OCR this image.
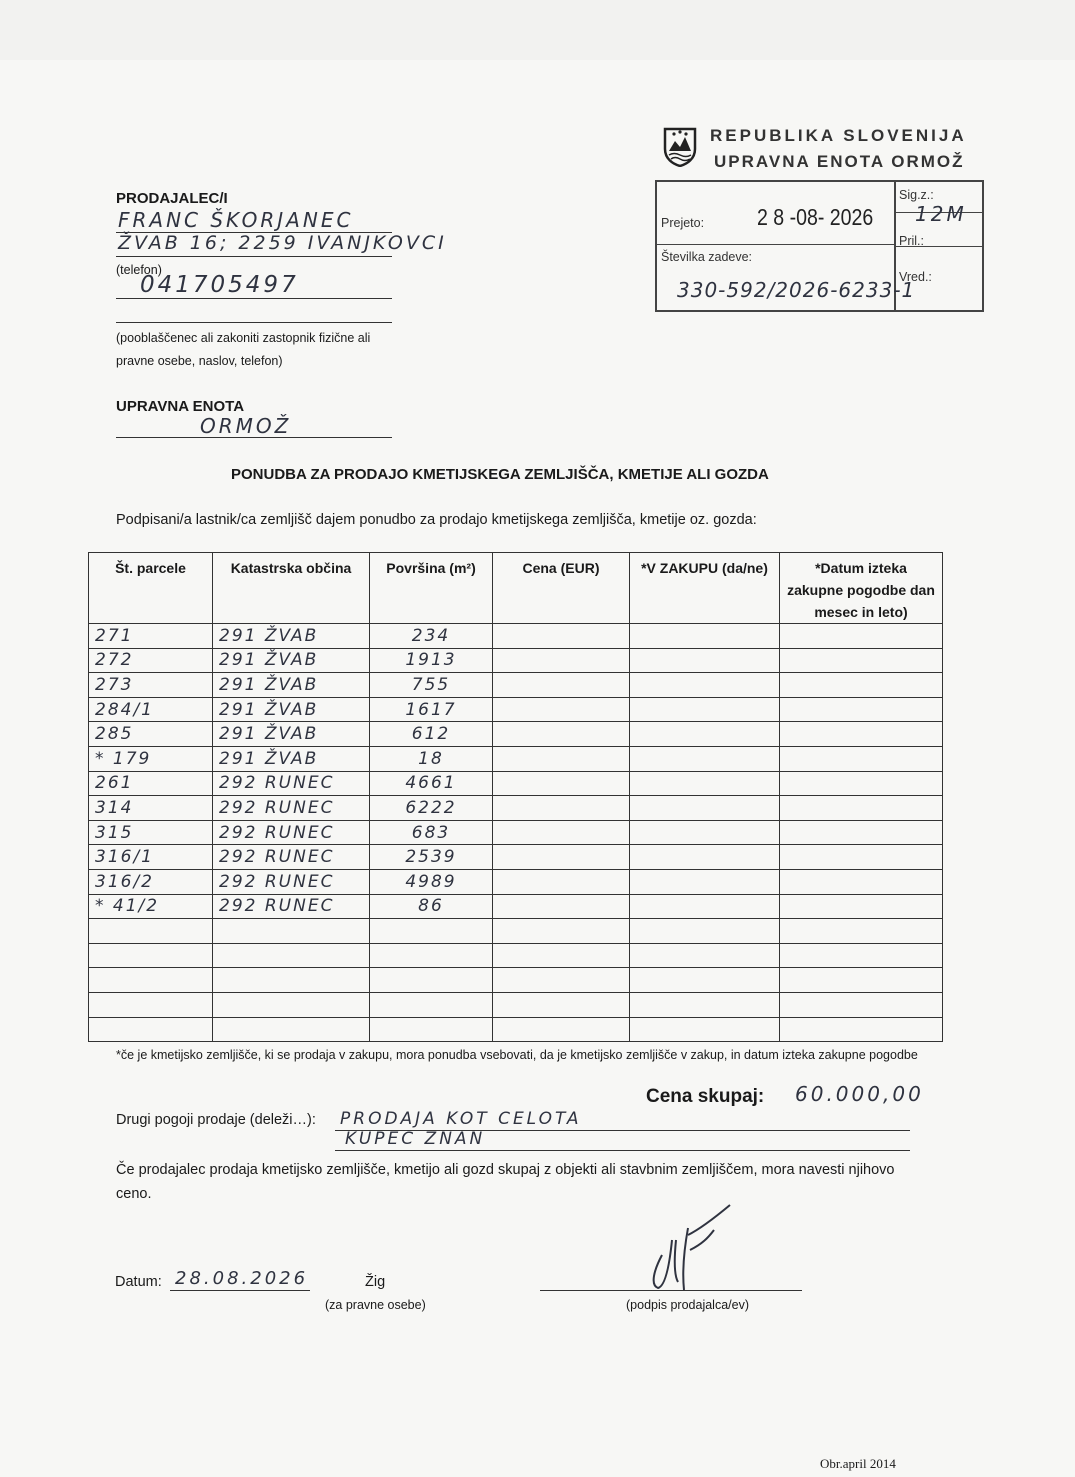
REPUBLIKA SLOVENIJA
UPRAVNA ENOTA ORMOŽ
Prejeto: 2 8 -08- 2026
Sig.z.:
12M
Pril.:
Številka zadeve:
330-592/2026-6233-1
Vred.:
PRODAJALEC/I
FRANC ŠKORJANEC
ŽVAB 16; 2259 IVANJKOVCI
(telefon)
041705497
(pooblaščenec ali zakoniti zastopnik fizične ali
pravne osebe, naslov, telefon)
UPRAVNA ENOTA
ORMOŽ
PONUDBA ZA PRODAJO KMETIJSKEGA ZEMLJIŠČA, KMETIJE ALI GOZDA
Podpisani/a lastnik/ca zemljišč dajem ponudbo za prodajo kmetijskega zemljišča, kmetije oz. gozda:
Št. parcele	Katastrska občina	Površina (m²)	Cena (EUR)	*V ZAKUPU (da/ne)	*Datum izteka zakupne pogodbe dan mesec in leto)
271	291 ŽVAB	234			
272	291 ŽVAB	1913			
273	291 ŽVAB	755			
284/1	291 ŽVAB	1617			
285	291 ŽVAB	612			
* 179	291 ŽVAB	18			
261	292 RUNEC	4661			
314	292 RUNEC	6222			
315	292 RUNEC	683			
316/1	292 RUNEC	2539			
316/2	292 RUNEC	4989			
* 41/2	292 RUNEC	86			

*če je kmetijsko zemljišče, ki se prodaja v zakupu, mora ponudba vsebovati, da je kmetijsko zemljišče v zakup, in datum izteka zakupne pogodbe
Cena skupaj: 60.000,00
Drugi pogoji prodaje (deleži…): PRODAJA KOT CELOTA
KUPEC ZNAN
Če prodajalec prodaja kmetijsko zemljišče, kmetijo ali gozd skupaj z objekti ali stavbnim zemljiščem, mora navesti njihovo ceno.
Datum: 28.08.2026	Žig
(za pravne osebe)	(podpis prodajalca/ev)
Obr.april 2014
